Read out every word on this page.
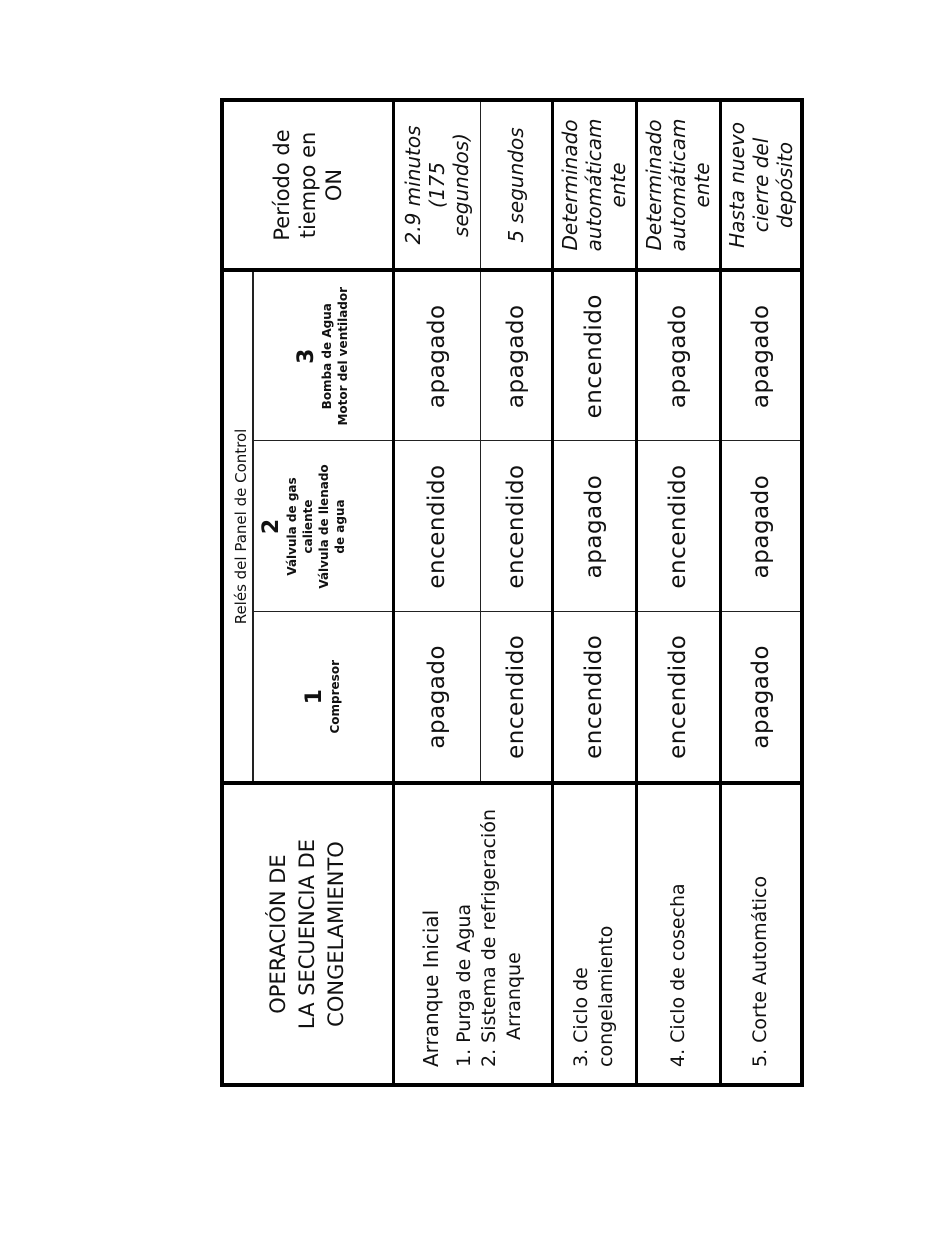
OPERACIÓN DE LA SECUENCIA DE CONGELAMIENTO	Relés del Panel de Control			Período de tiempo en ON

	1 Compresor	2 Válvula de gas caliente Válvula de llenado de agua	3 Bomba de Agua Motor del ventilador	

Arranque Inicial 1. Purga de Agua 2. Sistema de refrigeración Arranque	apagado	encendido	apagado	2.9 minutos (175 segundos)

	encendido	encendido	apagado	5 segundos

3. Ciclo de congelamiento	encendido	apagado	encendido	Determinado automáticam ente

4. Ciclo de cosecha	encendido	encendido	apagado	Determinado automáticam ente

5. Corte Automático	apagado	apagado	apagado	Hasta nuevo cierre del depósito
